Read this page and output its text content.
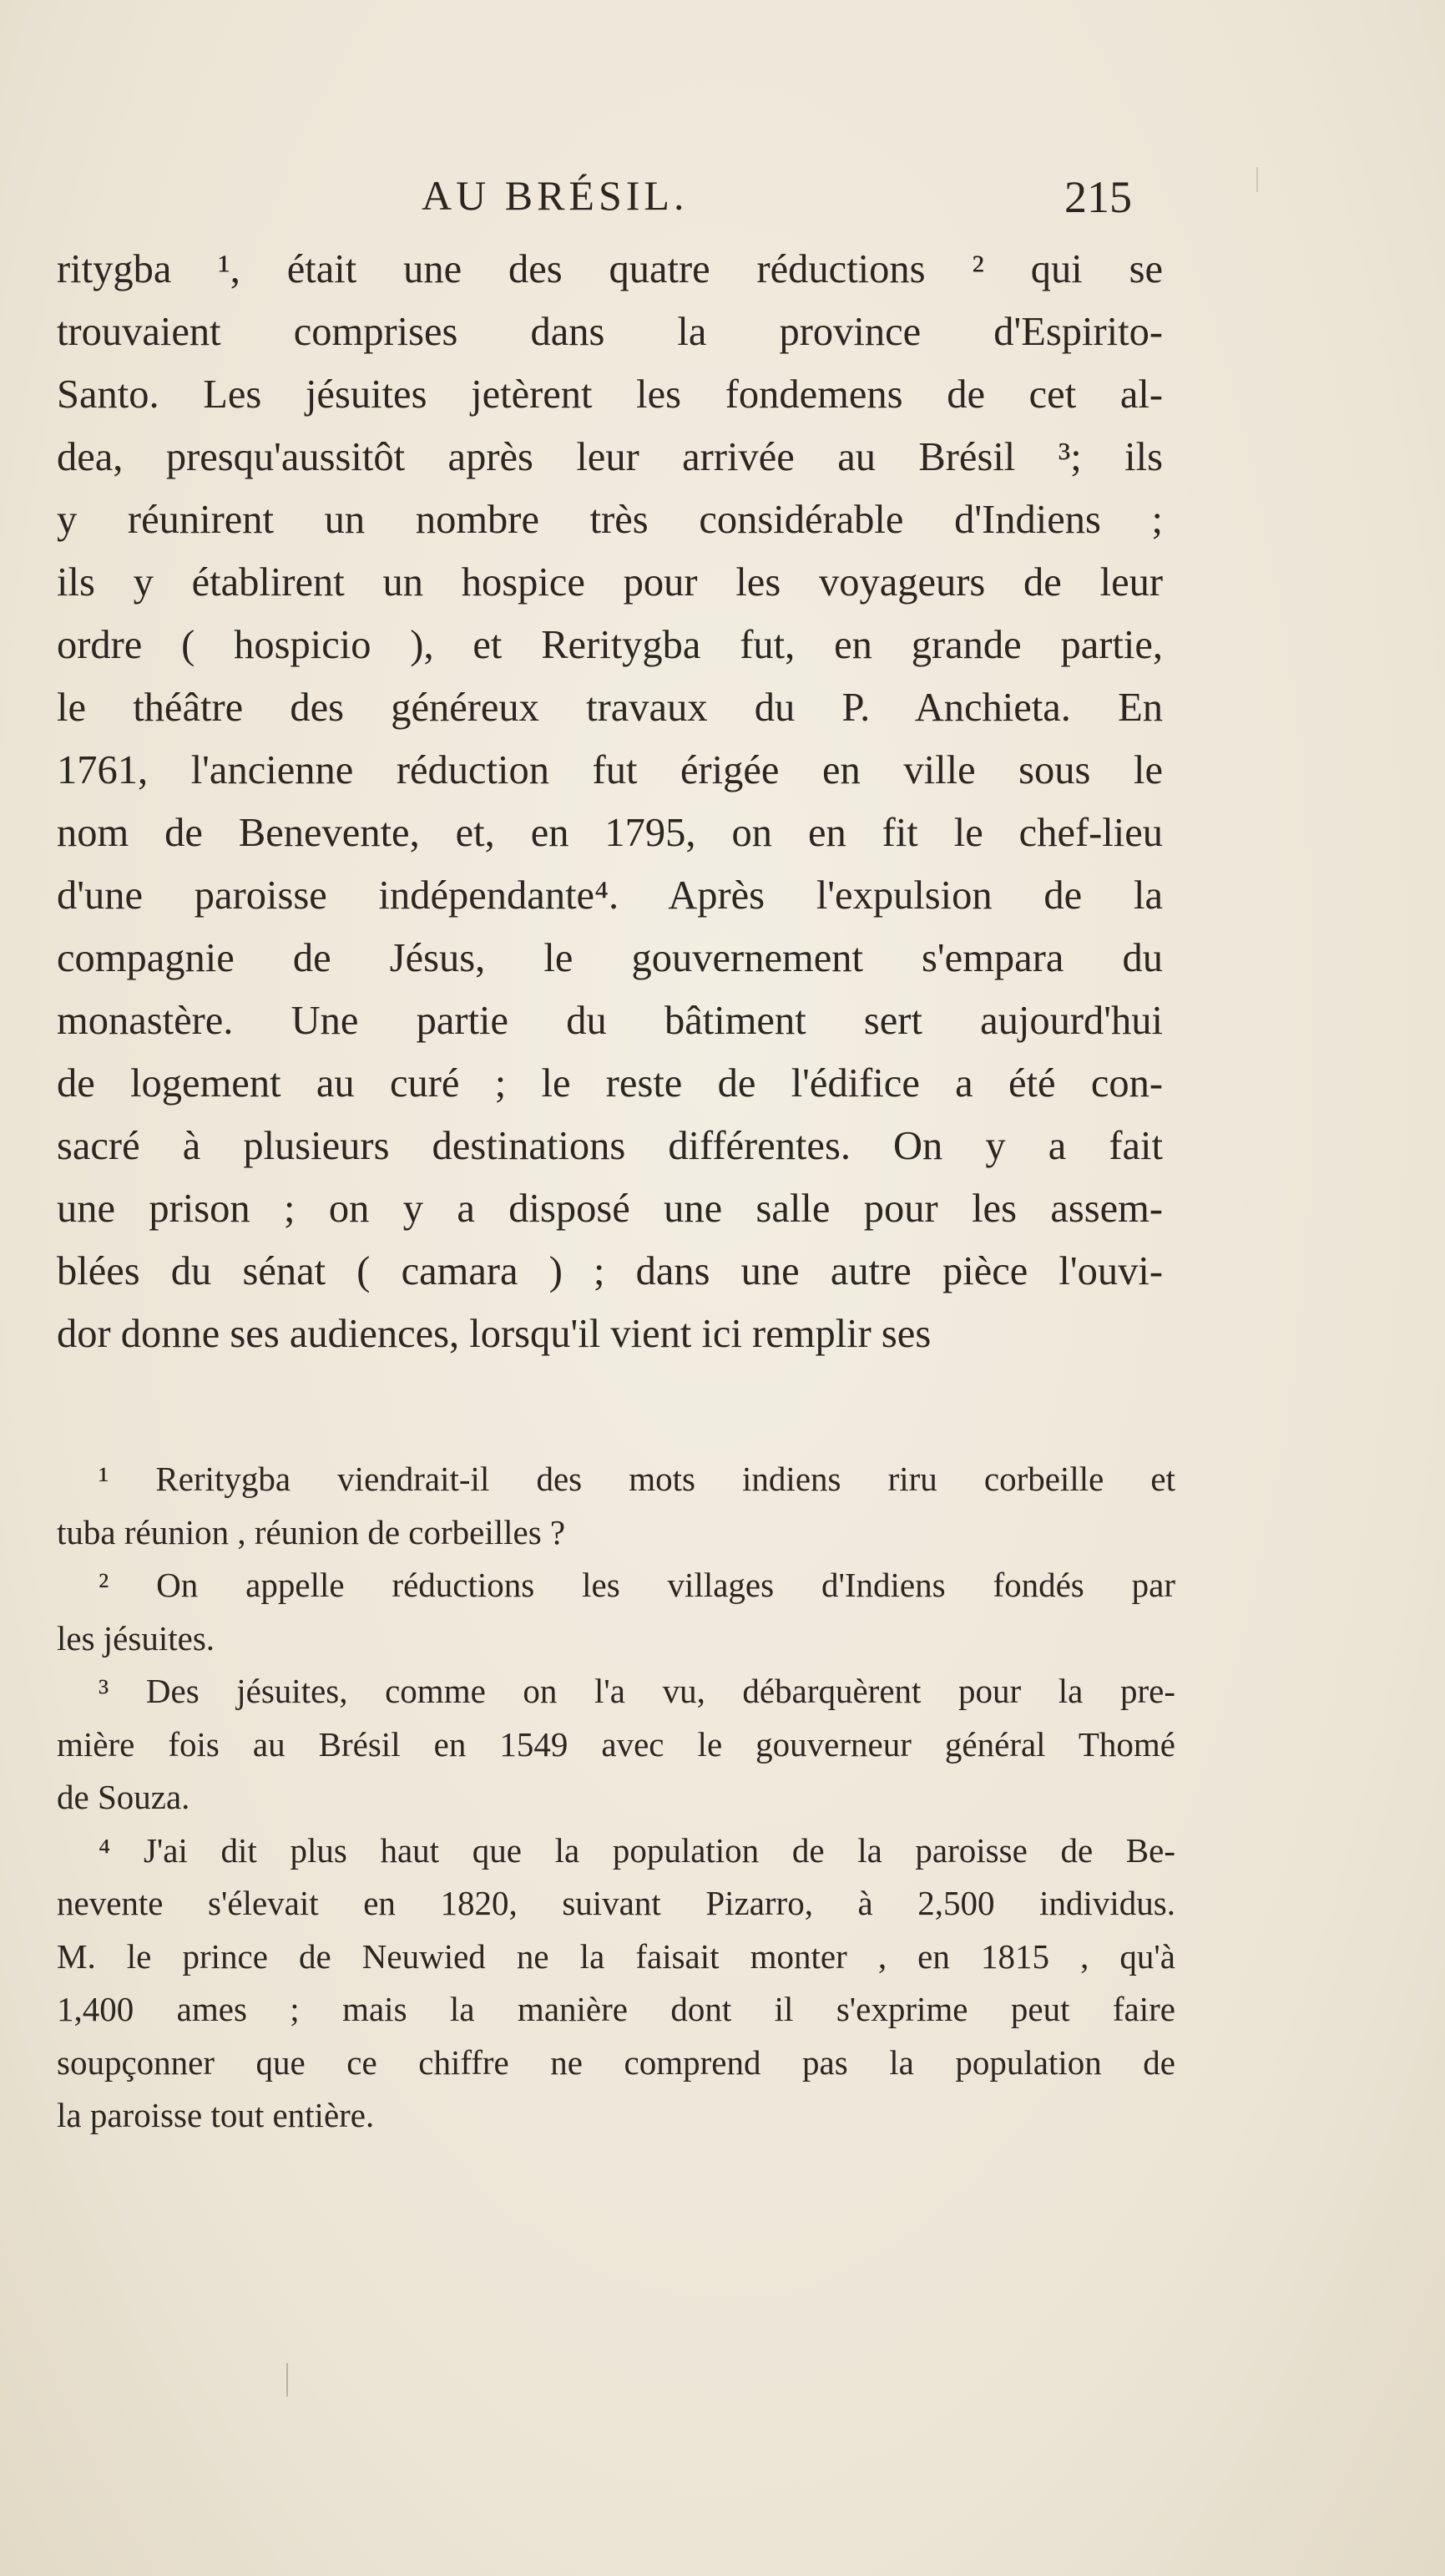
AU BRÉSIL.	215
ritygba ¹, était une des quatre réductions ² qui se
trouvaient comprises dans la province d'Espirito-
Santo. Les jésuites jetèrent les fondemens de cet al-
dea, presqu'aussitôt après leur arrivée au Brésil ³; ils
y réunirent un nombre très considérable d'Indiens ;
ils y établirent un hospice pour les voyageurs de leur
ordre ( hospicio ), et Reritygba fut, en grande partie,
le théâtre des généreux travaux du P. Anchieta. En
1761, l'ancienne réduction fut érigée en ville sous le
nom de Benevente, et, en 1795, on en fit le chef-lieu
d'une paroisse indépendante⁴. Après l'expulsion de la
compagnie de Jésus, le gouvernement s'empara du
monastère. Une partie du bâtiment sert aujourd'hui
de logement au curé ; le reste de l'édifice a été con-
sacré à plusieurs destinations différentes. On y a fait
une prison ; on y a disposé une salle pour les assem-
blées du sénat ( camara ) ; dans une autre pièce l'ouvi-
dor donne ses audiences, lorsqu'il vient ici remplir ses
¹ Reritygba viendrait-il des mots indiens riru corbeille et
tuba réunion , réunion de corbeilles ?
² On appelle réductions les villages d'Indiens fondés par
les jésuites.
³ Des jésuites, comme on l'a vu, débarquèrent pour la pre-
mière fois au Brésil en 1549 avec le gouverneur général Thomé
de Souza.
⁴ J'ai dit plus haut que la population de la paroisse de Be-
nevente s'élevait en 1820, suivant Pizarro, à 2,500 individus.
M. le prince de Neuwied ne la faisait monter , en 1815 , qu'à
1,400 ames ; mais la manière dont il s'exprime peut faire
soupçonner que ce chiffre ne comprend pas la population de
la paroisse tout entière.
